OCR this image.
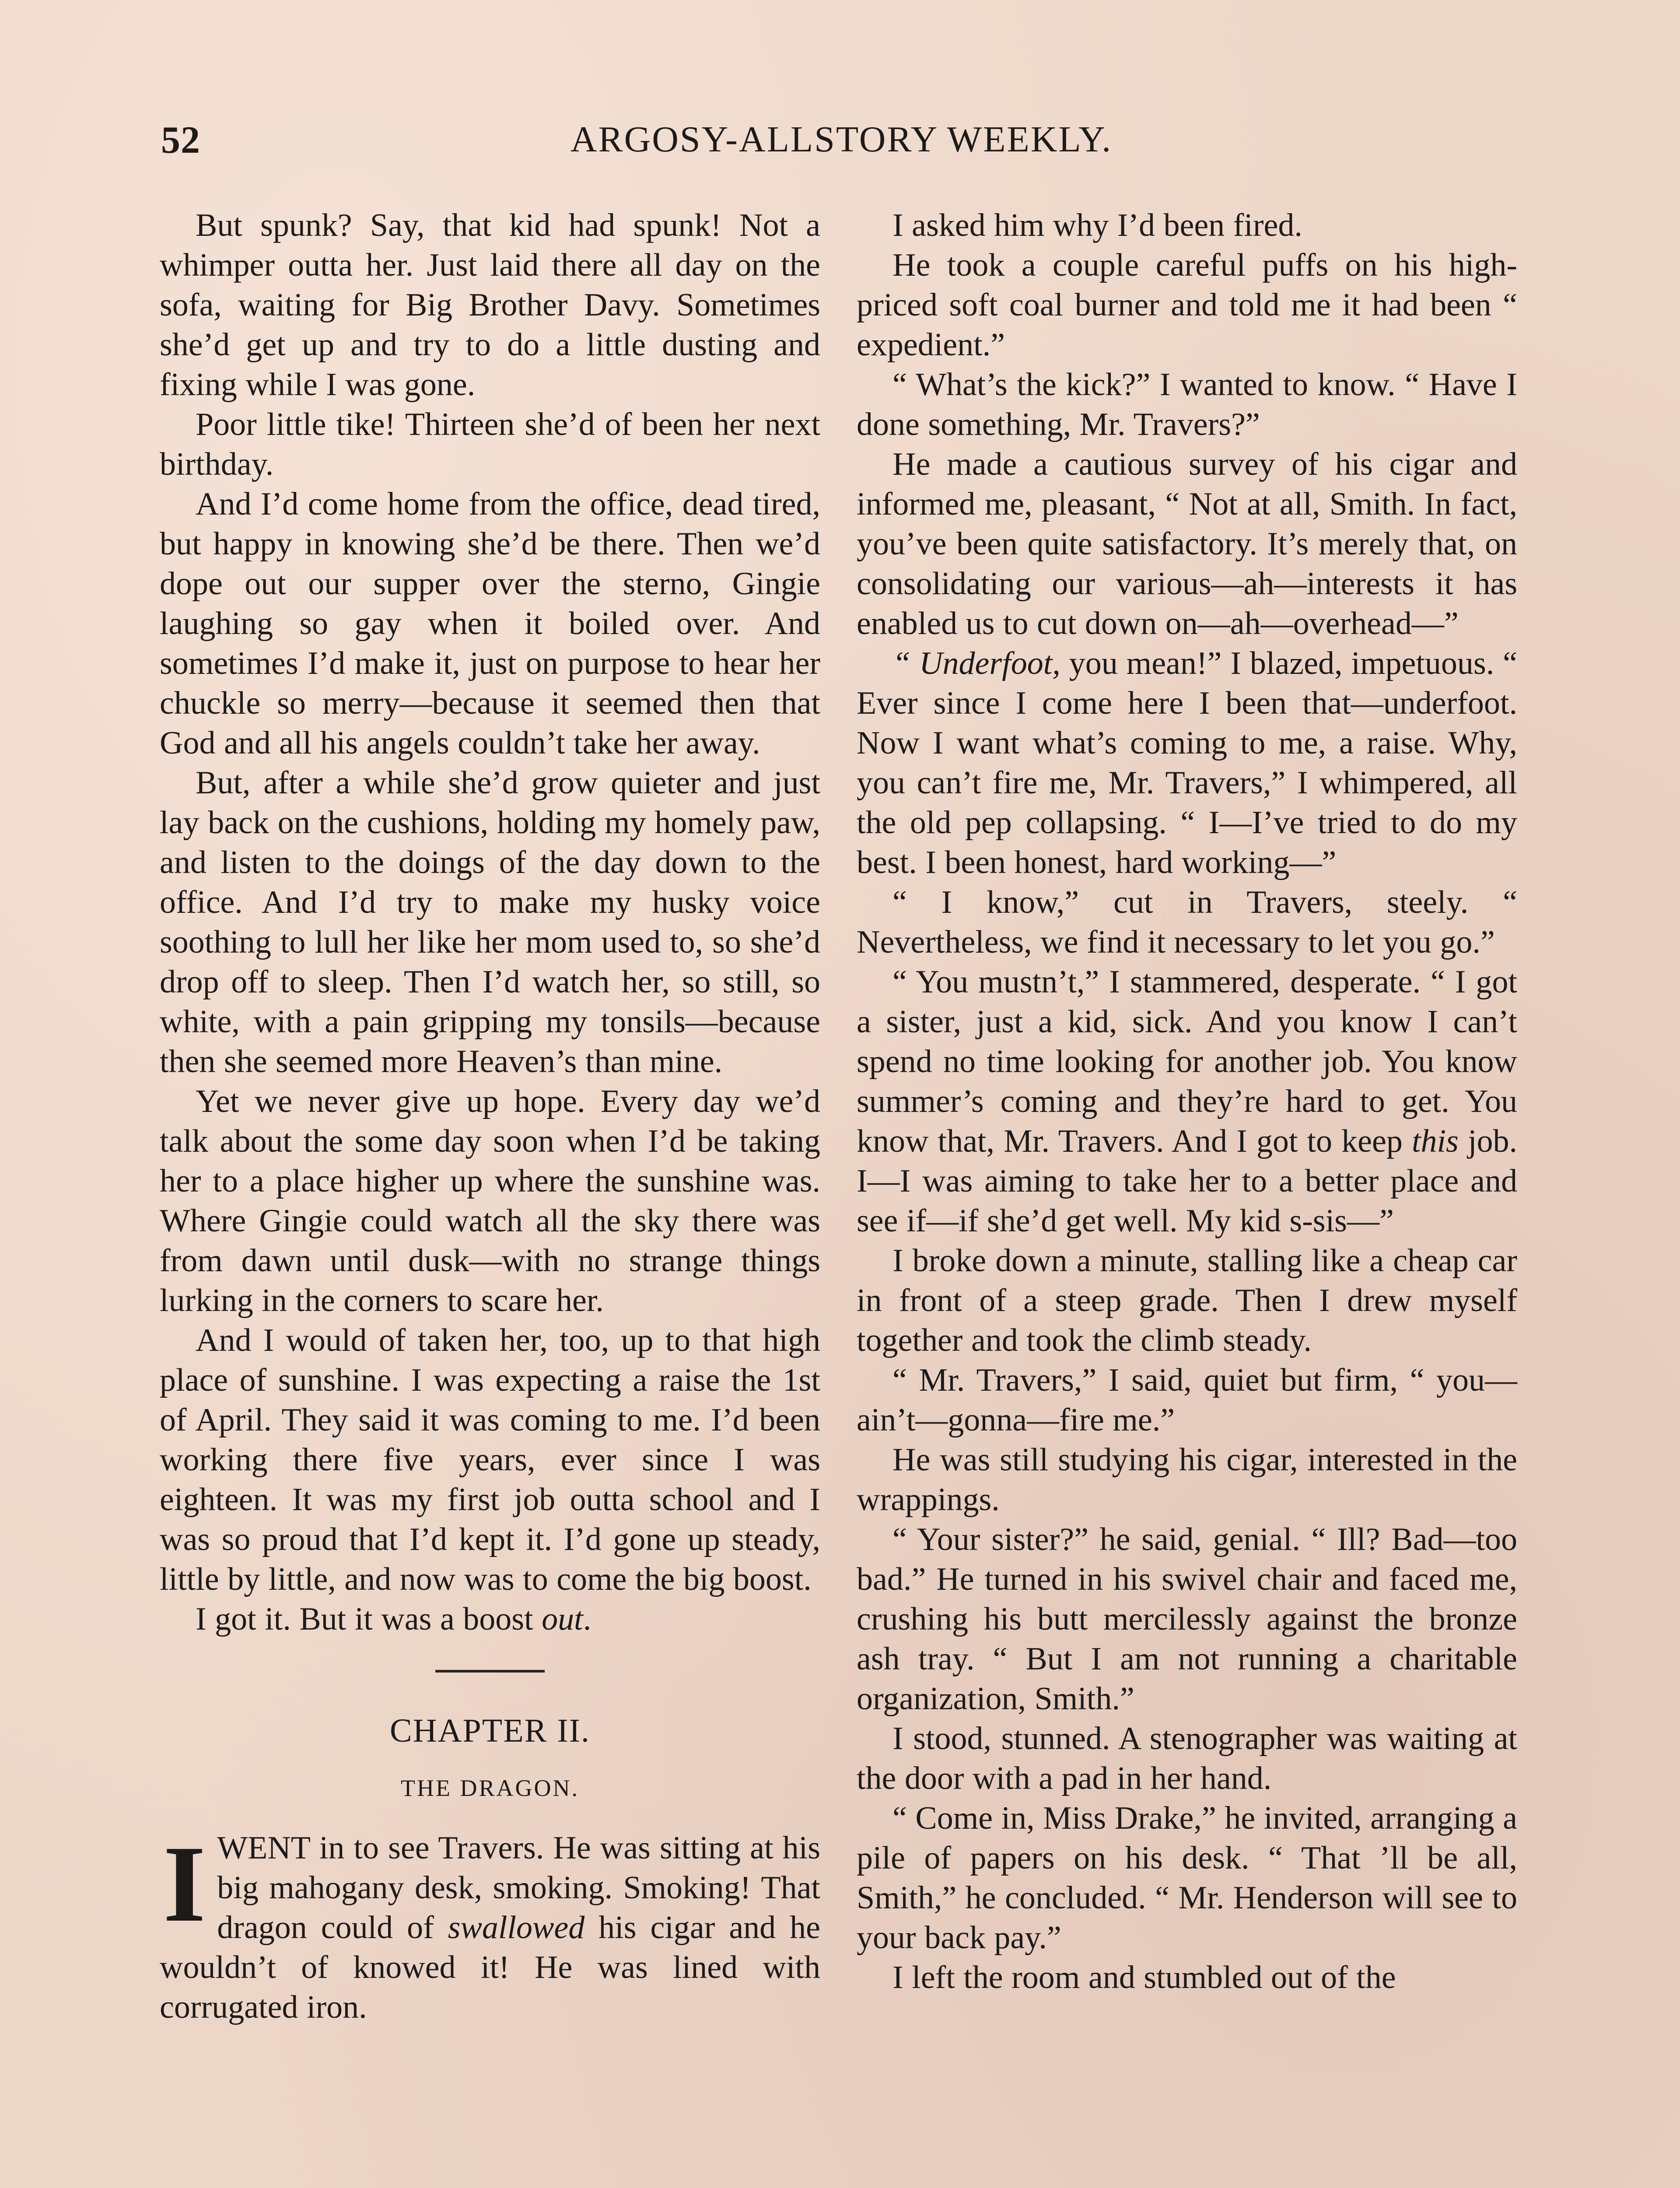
52	ARGOSY-ALLSTORY WEEKLY.

But spunk? Say, that kid had spunk! Not a whimper outta her. Just laid there all day on the sofa, waiting for Big Brother Davy. Sometimes she’d get up and try to do a little dusting and fixing while I was gone.

Poor little tike! Thirteen she’d of been her next birthday.

And I’d come home from the office, dead tired, but happy in knowing she’d be there. Then we’d dope out our supper over the sterno, Gingie laughing so gay when it boiled over. And sometimes I’d make it, just on purpose to hear her chuckle so merry—because it seemed then that God and all his angels couldn’t take her away.

But, after a while she’d grow quieter and just lay back on the cushions, holding my homely paw, and listen to the doings of the day down to the office. And I’d try to make my husky voice soothing to lull her like her mom used to, so she’d drop off to sleep. Then I’d watch her, so still, so white, with a pain gripping my tonsils—because then she seemed more Heaven’s than mine.

Yet we never give up hope. Every day we’d talk about the some day soon when I’d be taking her to a place higher up where the sunshine was. Where Gingie could watch all the sky there was from dawn until dusk—with no strange things lurking in the corners to scare her.

And I would of taken her, too, up to that high place of sunshine. I was expecting a raise the 1st of April. They said it was coming to me. I’d been working there five years, ever since I was eighteen. It was my first job outta school and I was so proud that I’d kept it. I’d gone up steady, little by little, and now was to come the big boost.

I got it. But it was a boost out.

CHAPTER II.

THE DRAGON.

IWENT in to see Travers. He was sitting at his big mahogany desk, smoking. Smoking! That dragon could of swallowed his cigar and he wouldn’t of knowed it! He was lined with corrugated iron.

I asked him why I’d been fired.

He took a couple careful puffs on his high-priced soft coal burner and told me it had been “ expedient.”

“ What’s the kick?” I wanted to know. “ Have I done something, Mr. Travers?”

He made a cautious survey of his cigar and informed me, pleasant, “ Not at all, Smith. In fact, you’ve been quite satisfactory. It’s merely that, on consolidating our various—ah—interests it has enabled us to cut down on—ah—overhead—”

“ Underfoot, you mean!” I blazed, impetuous. “ Ever since I come here I been that—underfoot. Now I want what’s coming to me, a raise. Why, you can’t fire me, Mr. Travers,” I whimpered, all the old pep collapsing. “ I—I’ve tried to do my best. I been honest, hard working—”

“ I know,” cut in Travers, steely. “ Nevertheless, we find it necessary to let you go.”

“ You mustn’t,” I stammered, desperate. “ I got a sister, just a kid, sick. And you know I can’t spend no time looking for another job. You know summer’s coming and they’re hard to get. You know that, Mr. Travers. And I got to keep this job. I—I was aiming to take her to a better place and see if—if she’d get well. My kid s-sis—”

I broke down a minute, stalling like a cheap car in front of a steep grade. Then I drew myself together and took the climb steady.

“ Mr. Travers,” I said, quiet but firm, “ you—ain’t—gonna—fire me.”

He was still studying his cigar, interested in the wrappings.

“ Your sister?” he said, genial. “ Ill? Bad—too bad.” He turned in his swivel chair and faced me, crushing his butt mercilessly against the bronze ash tray. “ But I am not running a charitable organization, Smith.”

I stood, stunned. A stenographer was waiting at the door with a pad in her hand.

“ Come in, Miss Drake,” he invited, arranging a pile of papers on his desk. “ That ’ll be all, Smith,” he concluded. “ Mr. Henderson will see to your back pay.”

I left the room and stumbled out of the
